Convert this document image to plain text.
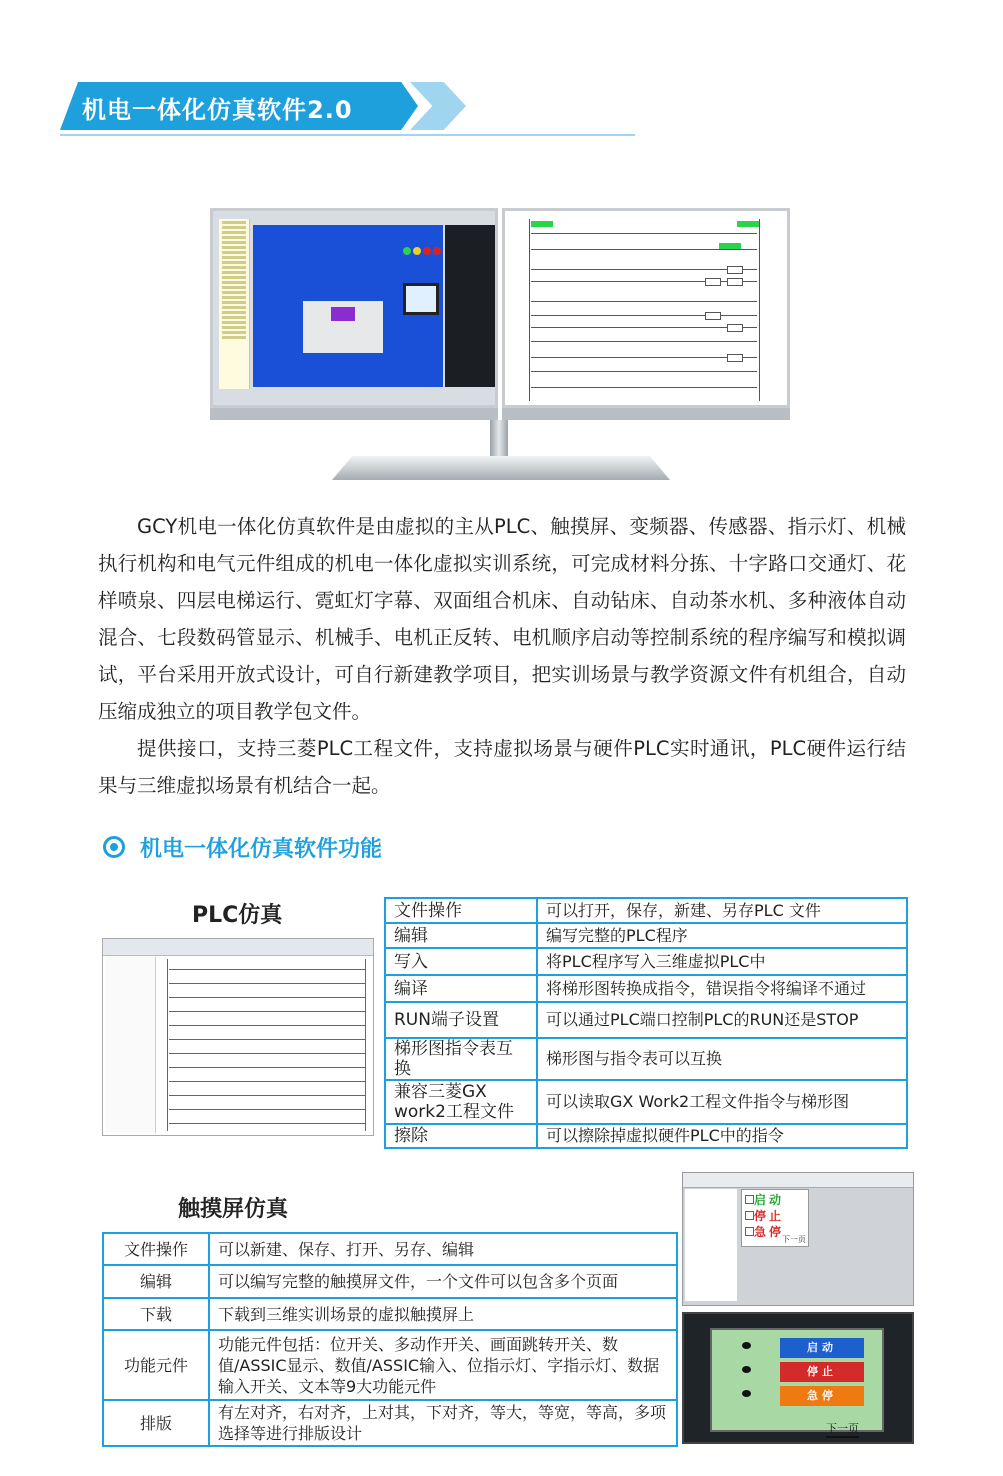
机电一体化仿真软件2.0
GCY机电一体化仿真软件是由虚拟的主从PLC、触摸屏、变频器、传感器、指示灯、机械执行机构和电气元件组成的机电一体化虚拟实训系统，可完成材料分拣、十字路口交通灯、花样喷泉、四层电梯运行、霓虹灯字幕、双面组合机床、自动钻床、自动茶水机、多种液体自动混合、七段数码管显示、机械手、电机正反转、电机顺序启动等控制系统的程序编写和模拟调试，平台采用开放式设计，可自行新建教学项目，把实训场景与教学资源文件有机组合，自动压缩成独立的项目教学包文件。
提供接口，支持三菱PLC工程文件，支持虚拟场景与硬件PLC实时通讯，PLC硬件运行结果与三维虚拟场景有机结合一起。
机电一体化仿真软件功能
PLC仿真	文件操作	可以打开，保存，新建、另存PLC 文件
编辑	编写完整的PLC程序
写入	将PLC程序写入三维虚拟PLC中
编译	将梯形图转换成指令，错误指令将编译不通过
RUN端子设置	可以通过PLC端口控制PLC的RUN还是STOP
梯形图指令表互换	梯形图与指令表可以互换
兼容三菱GX work2工程文件	可以读取GX Work2工程文件指令与梯形图
擦除	可以擦除掉虚拟硬件PLC中的指令
触摸屏仿真
文件操作	可以新建、保存、打开、另存、编辑
编辑	可以编写完整的触摸屏文件，一个文件可以包含多个页面
下载	下载到三维实训场景的虚拟触摸屏上
功能元件	功能元件包括：位开关、多动作开关、画面跳转开关、数值/ASSIC显示、数值/ASSIC输入、位指示灯、字指示灯、数据输入开关、文本等9大功能元件
排版	有左对齐，右对齐，上对其，下对齐，等大，等宽，等高，多项选择等进行排版设计
启动
停止
急停
下一页
启动
停止
急停
下一页
